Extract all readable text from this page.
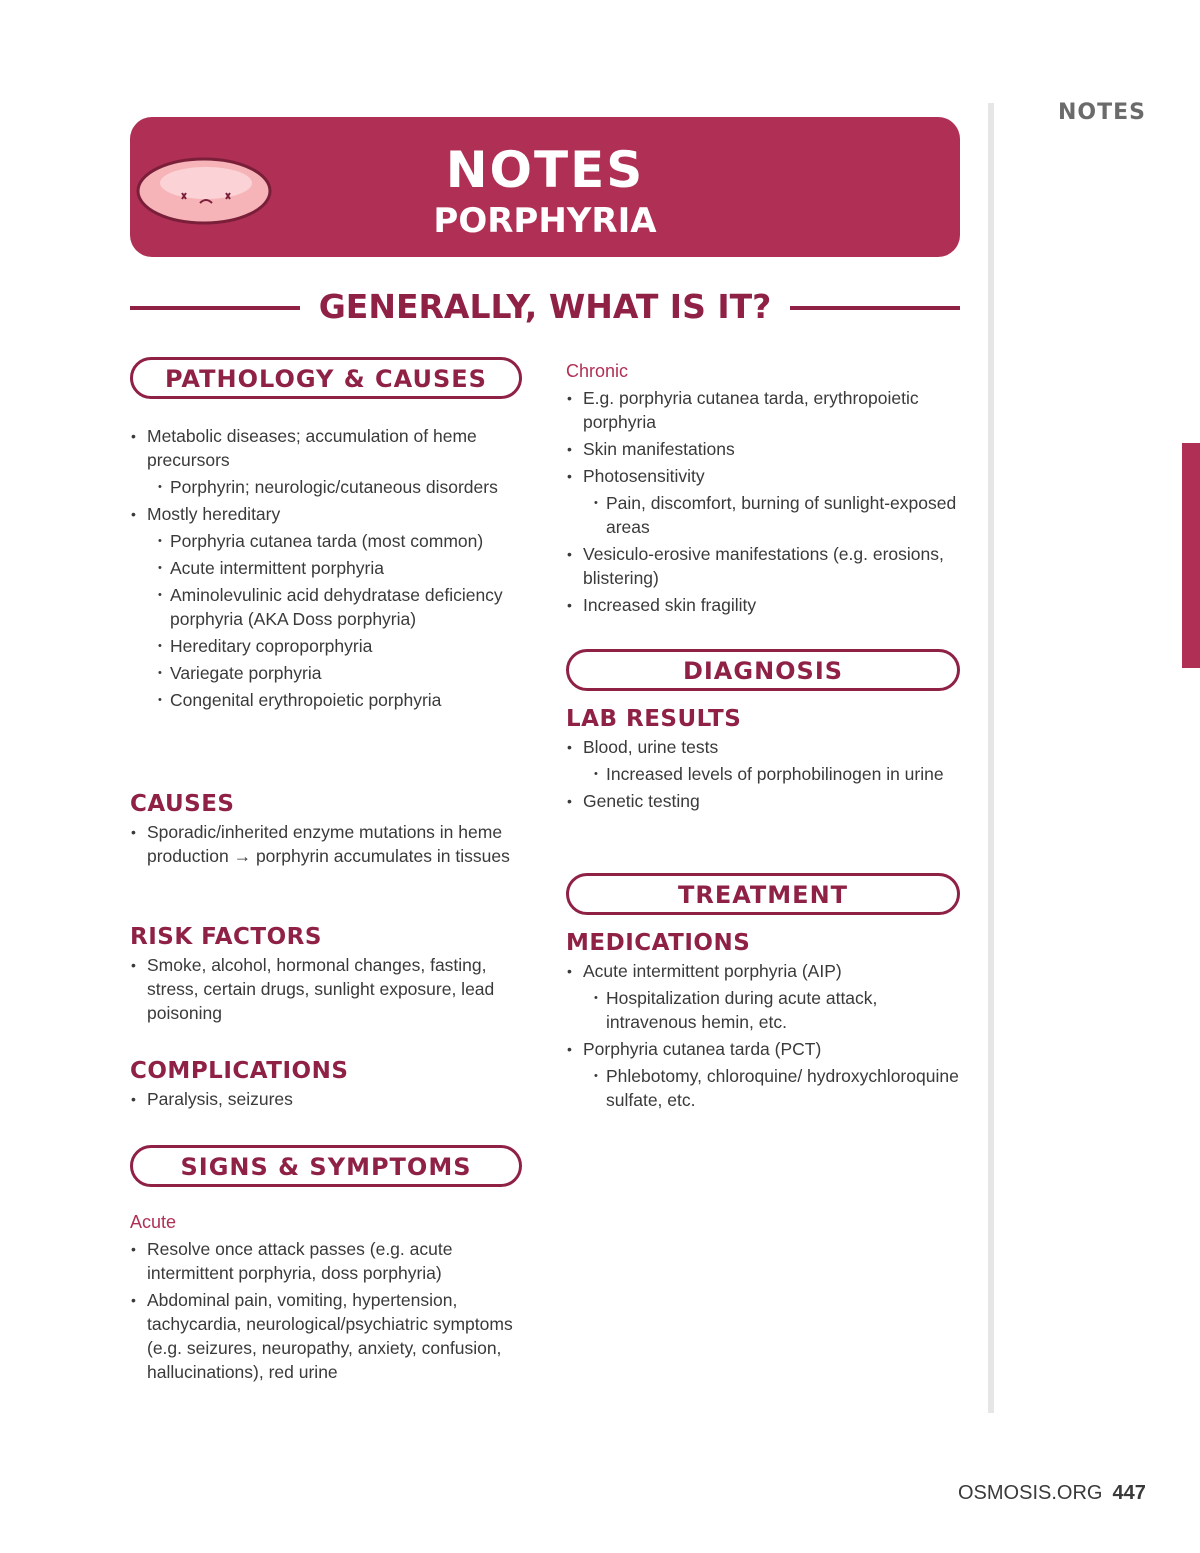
NOTES
NOTES
PORPHYRIA
GENERALLY, WHAT IS IT?
PATHOLOGY & CAUSES
• Metabolic diseases; accumulation of heme precursors
• Porphyrin; neurologic/cutaneous disorders
• Mostly hereditary
• Porphyria cutanea tarda (most common)
• Acute intermittent porphyria
• Aminolevulinic acid dehydratase deficiency porphyria (AKA Doss porphyria)
• Hereditary coproporphyria
• Variegate porphyria
• Congenital erythropoietic porphyria
CAUSES
• Sporadic/inherited enzyme mutations in heme production → porphyrin accumulates in tissues
RISK FACTORS
• Smoke, alcohol, hormonal changes, fasting, stress, certain drugs, sunlight exposure, lead poisoning
COMPLICATIONS
• Paralysis, seizures
SIGNS & SYMPTOMS
Acute
• Resolve once attack passes (e.g. acute intermittent porphyria, doss porphyria)
• Abdominal pain, vomiting, hypertension, tachycardia, neurological/psychiatric symptoms (e.g. seizures, neuropathy, anxiety, confusion, hallucinations), red urine
Chronic
• E.g. porphyria cutanea tarda, erythropoietic porphyria
• Skin manifestations
• Photosensitivity
• Pain, discomfort, burning of sunlight-exposed areas
• Vesiculo-erosive manifestations (e.g. erosions, blistering)
• Increased skin fragility
DIAGNOSIS
LAB RESULTS
• Blood, urine tests
• Increased levels of porphobilinogen in urine
• Genetic testing
TREATMENT
MEDICATIONS
• Acute intermittent porphyria (AIP)
• Hospitalization during acute attack, intravenous hemin, etc.
• Porphyria cutanea tarda (PCT)
• Phlebotomy, chloroquine/ hydroxychloroquine sulfate, etc.
OSMOSIS.ORG 447
